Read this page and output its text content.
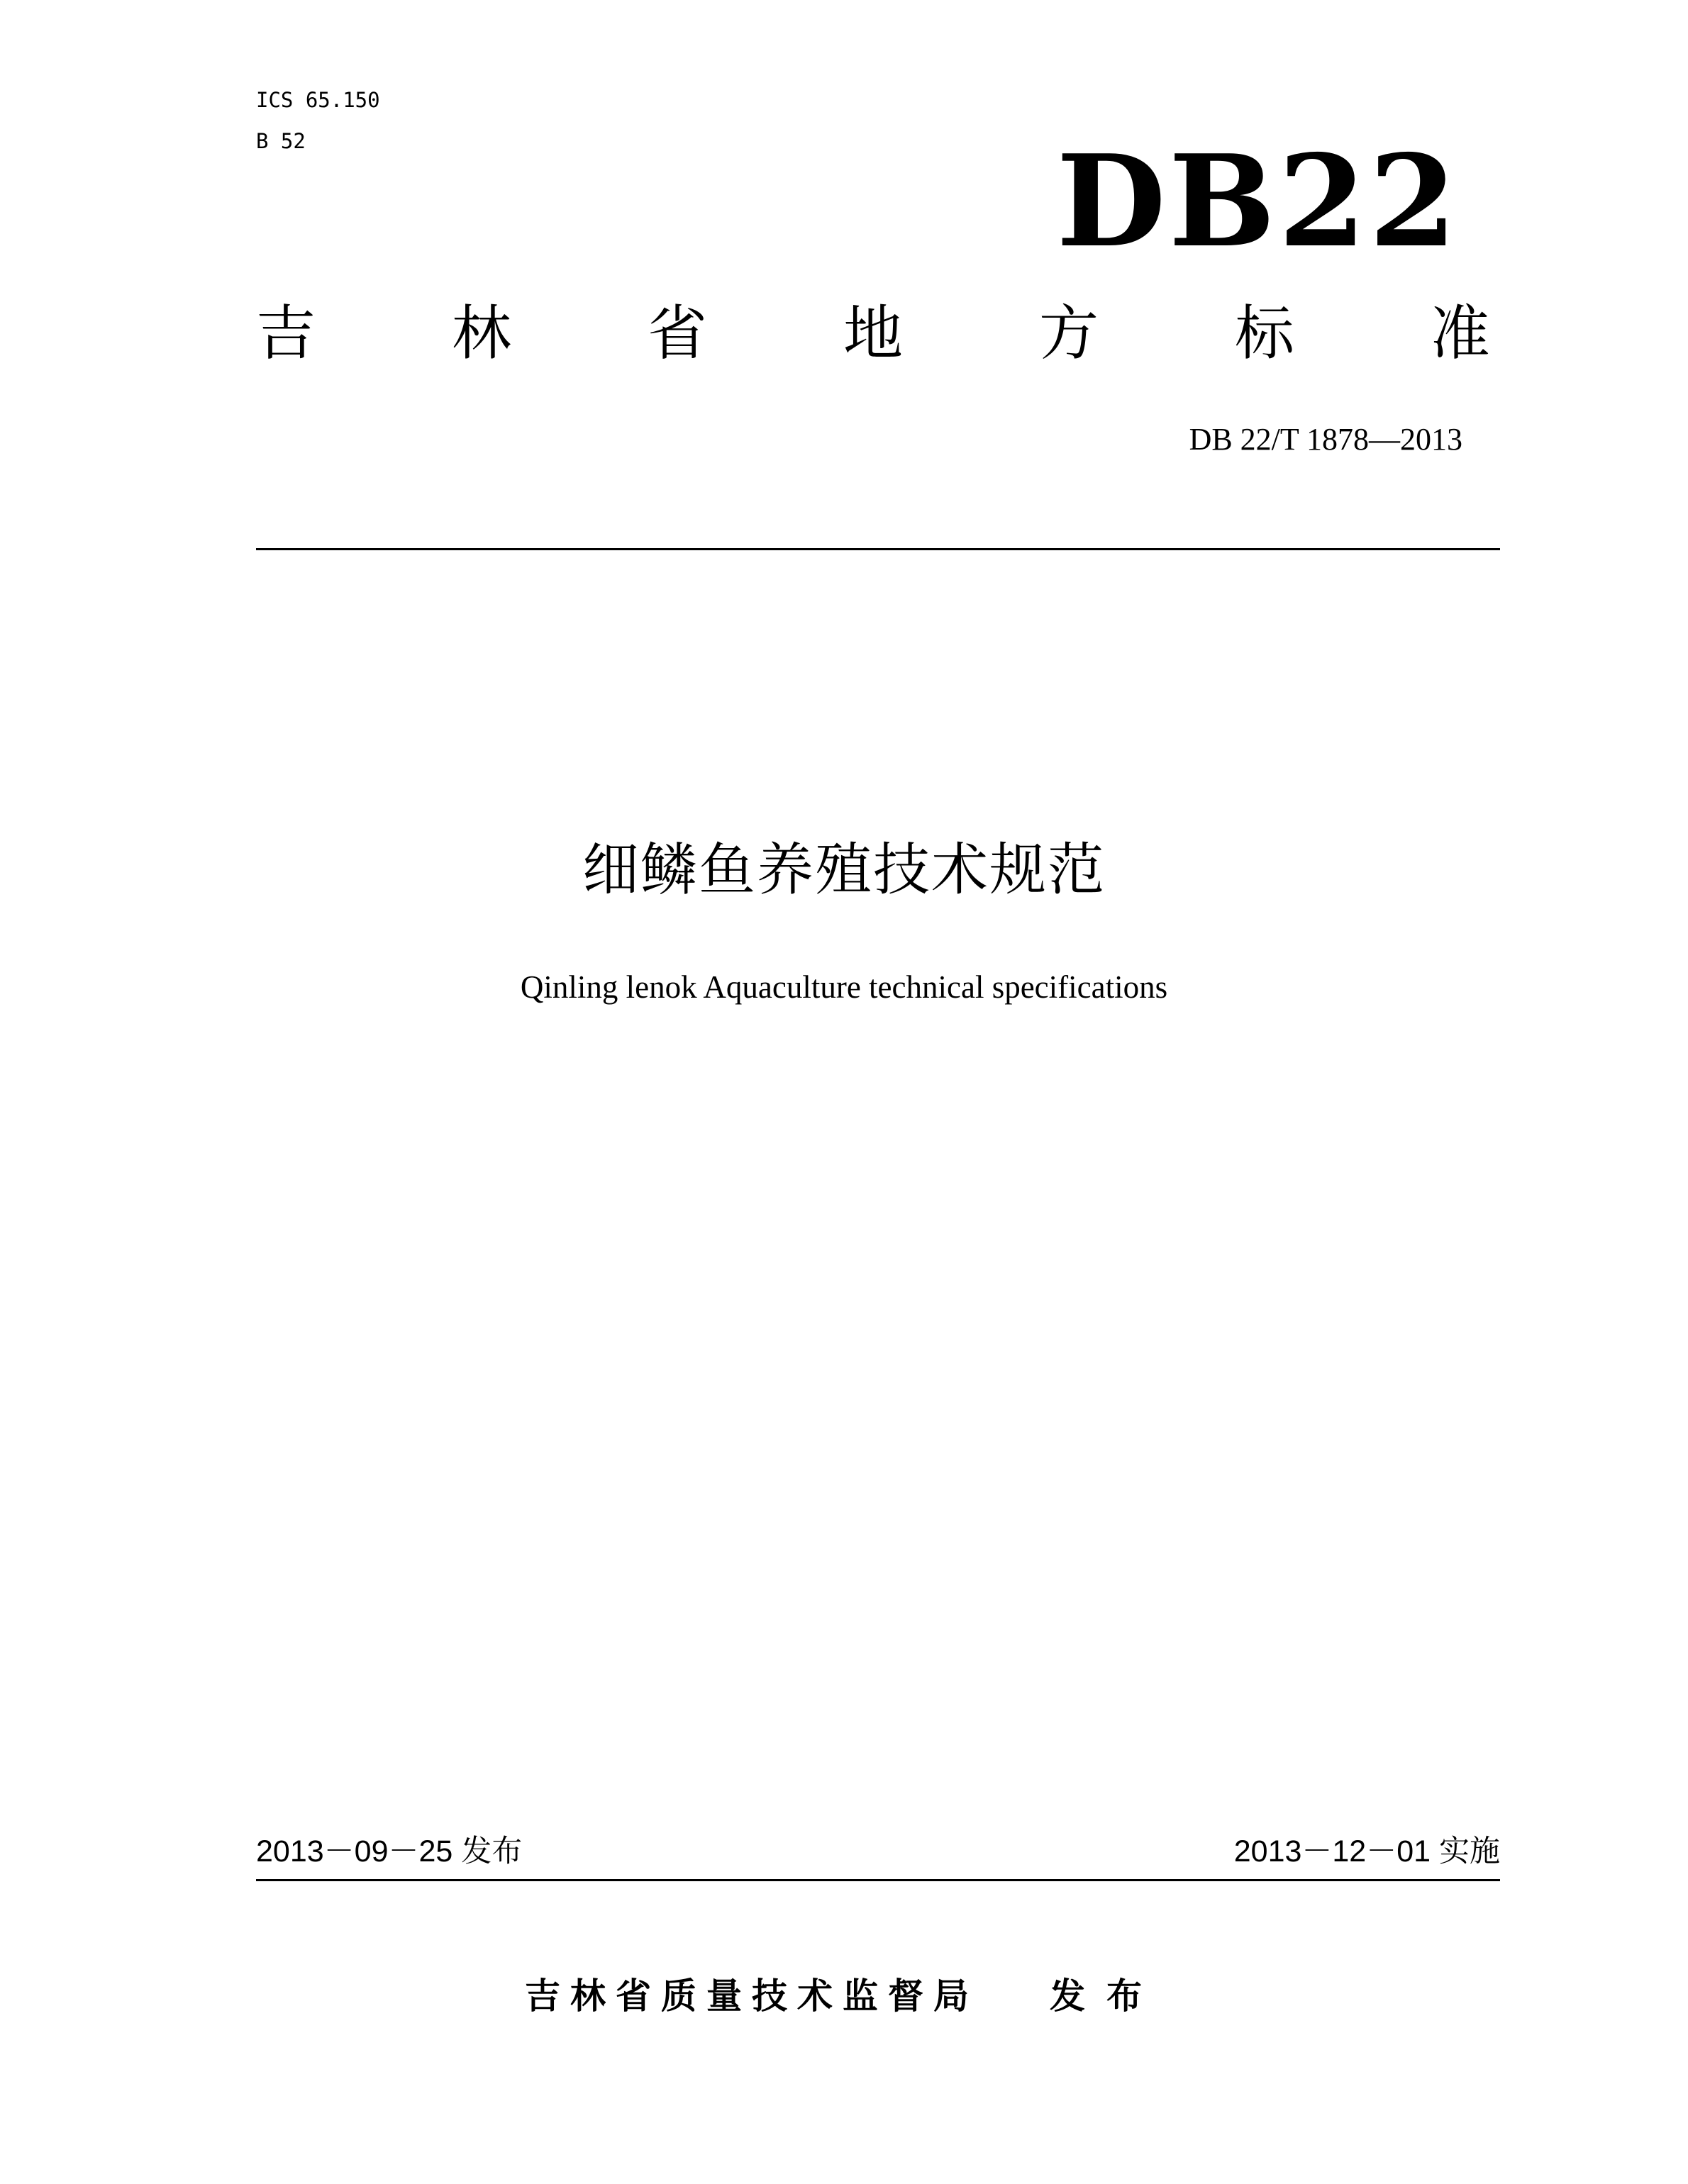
ICS 65.150
B 52	DB22
吉 林 省 地 方 标 准
DB 22/T 1878—2013
细鳞鱼养殖技术规范
Qinling lenok Aquaculture technical specifications
2013－09－25 发布	2013－12－01 实施
吉林省质量技术监督局 发布
